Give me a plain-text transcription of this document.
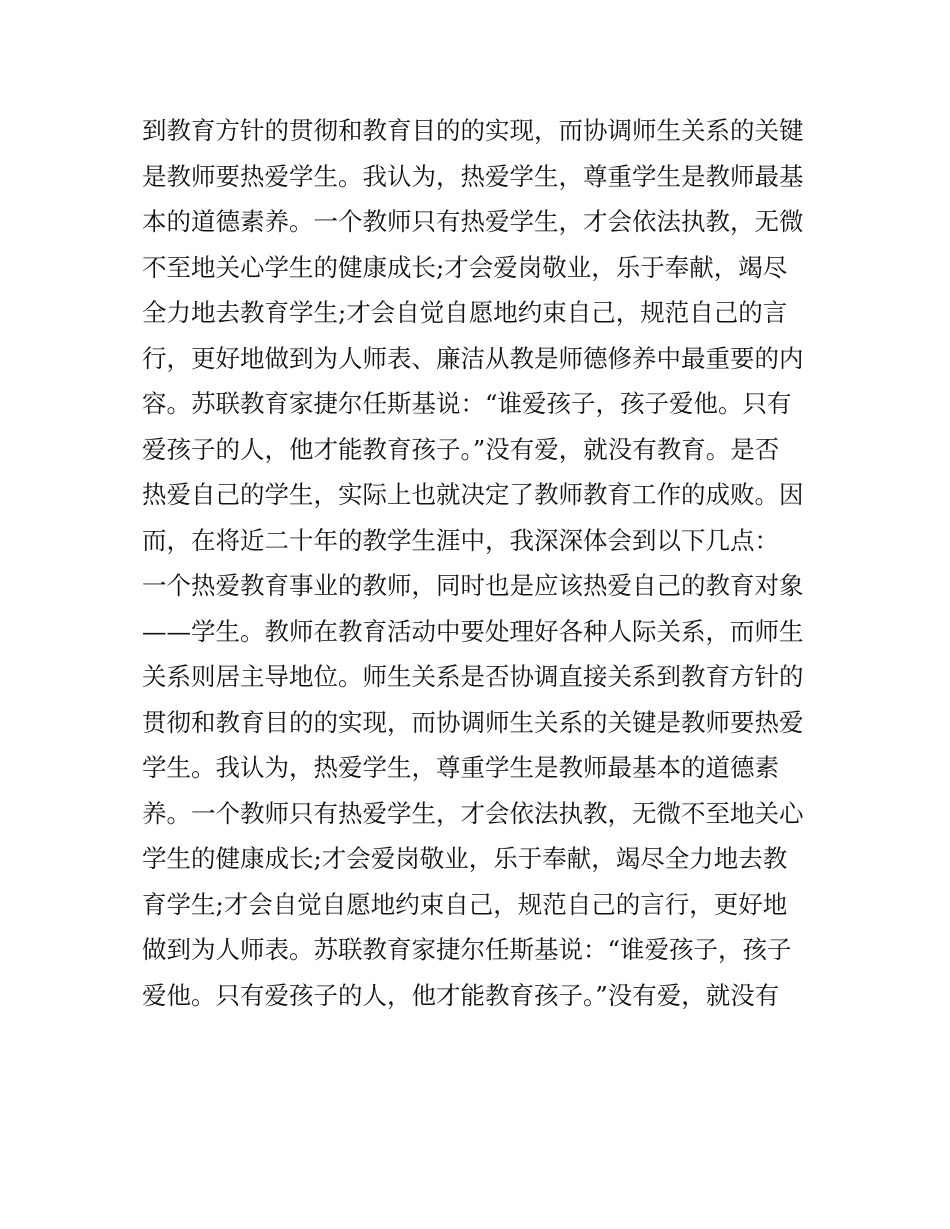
到教育方针的贯彻和教育目的的实现，而协调师生关系的关键
是教师要热爱学生。我认为，热爱学生，尊重学生是教师最基
本的道德素养。一个教师只有热爱学生，才会依法执教，无微
不至地关心学生的健康成长;才会爱岗敬业，乐于奉献，竭尽
全力地去教育学生;才会自觉自愿地约束自己，规范自己的言
行，更好地做到为人师表、廉洁从教是师德修养中最重要的内
容。苏联教育家捷尔任斯基说：“谁爱孩子，孩子爱他。只有
爱孩子的人，他才能教育孩子。”没有爱，就没有教育。是否
热爱自己的学生，实际上也就决定了教师教育工作的成败。因
而，在将近二十年的教学生涯中，我深深体会到以下几点：
一个热爱教育事业的教师，同时也是应该热爱自己的教育对象
——学生。教师在教育活动中要处理好各种人际关系，而师生
关系则居主导地位。师生关系是否协调直接关系到教育方针的
贯彻和教育目的的实现，而协调师生关系的关键是教师要热爱
学生。我认为，热爱学生，尊重学生是教师最基本的道德素
养。一个教师只有热爱学生，才会依法执教，无微不至地关心
学生的健康成长;才会爱岗敬业，乐于奉献，竭尽全力地去教
育学生;才会自觉自愿地约束自己，规范自己的言行，更好地
做到为人师表。苏联教育家捷尔任斯基说：“谁爱孩子，孩子
爱他。只有爱孩子的人，他才能教育孩子。”没有爱，就没有
